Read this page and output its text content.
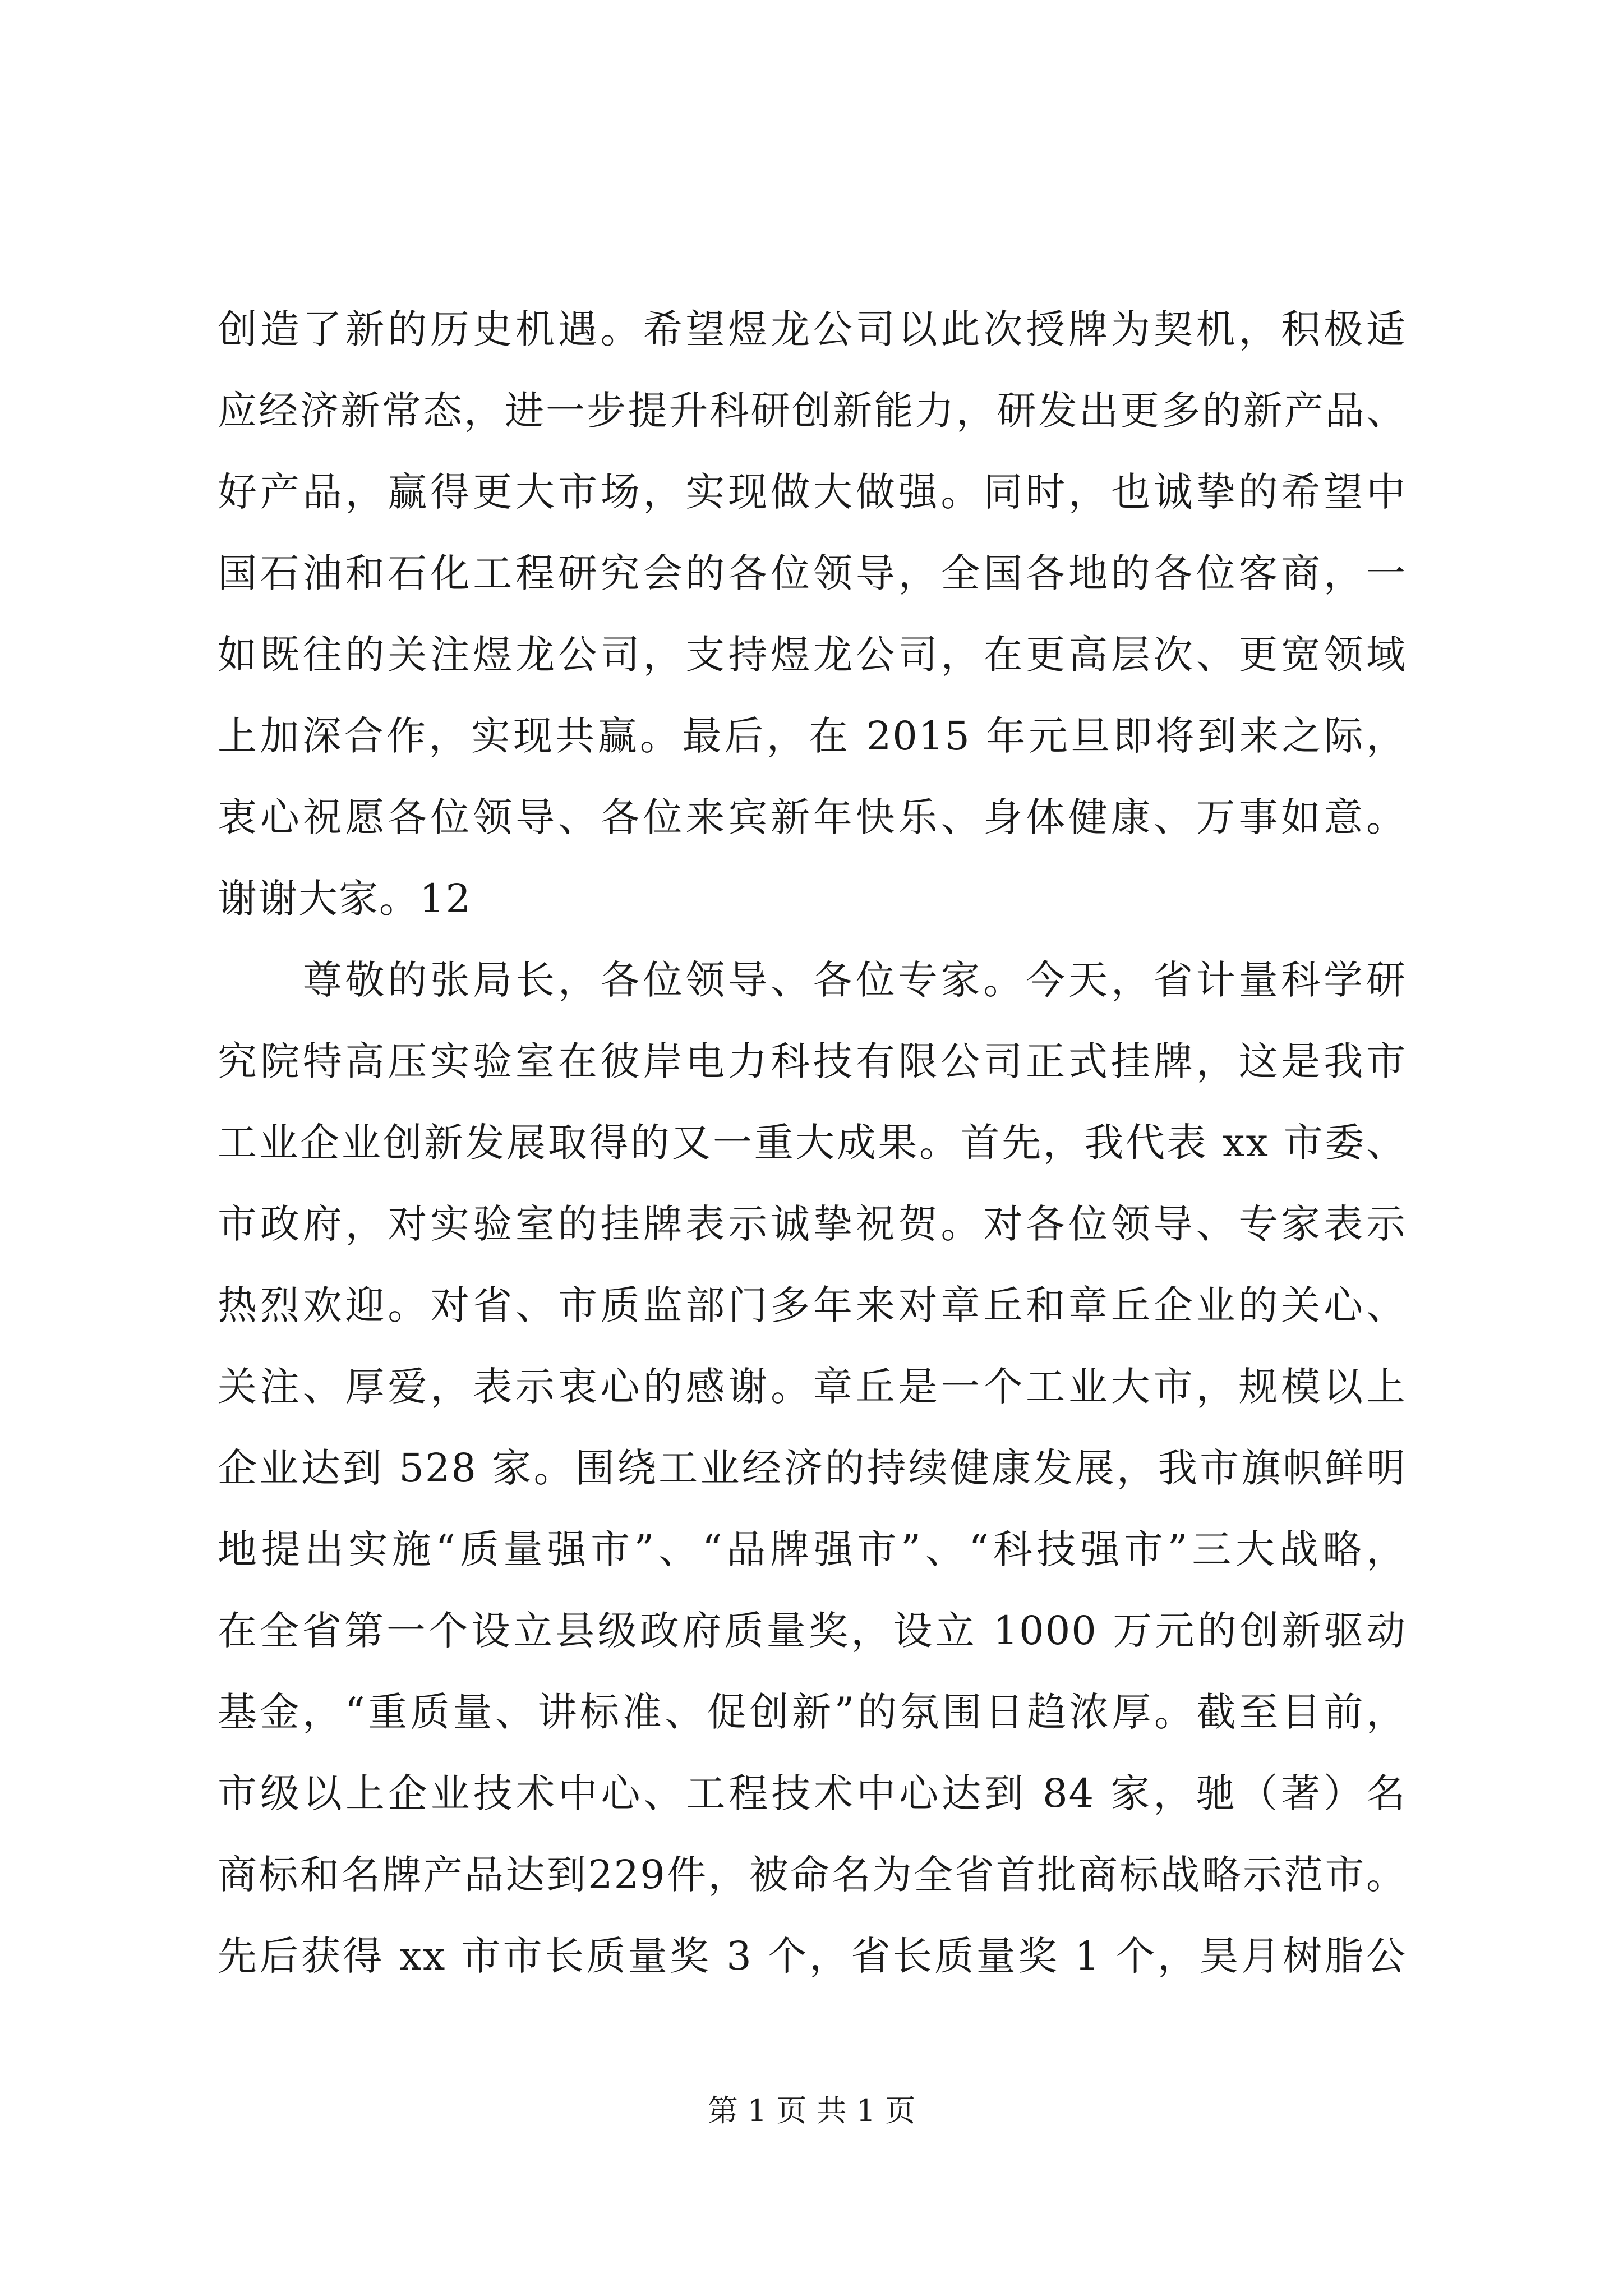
创造了新的历史机遇。希望煜龙公司以此次授牌为契机，积极适
应经济新常态，进一步提升科研创新能力，研发出更多的新产品、
好产品，赢得更大市场，实现做大做强。同时，也诚挚的希望中
国石油和石化工程研究会的各位领导，全国各地的各位客商，一
如既往的关注煜龙公司，支持煜龙公司，在更高层次、更宽领域
上加深合作，实现共赢。最后，在 2015 年元旦即将到来之际，
衷心祝愿各位领导、各位来宾新年快乐、身体健康、万事如意。
谢谢大家。12
　　尊敬的张局长，各位领导、各位专家。今天，省计量科学研
究院特高压实验室在彼岸电力科技有限公司正式挂牌，这是我市
工业企业创新发展取得的又一重大成果。首先，我代表 xx 市委、
市政府，对实验室的挂牌表示诚挚祝贺。对各位领导、专家表示
热烈欢迎。对省、市质监部门多年来对章丘和章丘企业的关心、
关注、厚爱，表示衷心的感谢。章丘是一个工业大市，规模以上
企业达到 528 家。围绕工业经济的持续健康发展，我市旗帜鲜明
地提出实施“质量强市”、“品牌强市”、“科技强市”三大战略，
在全省第一个设立县级政府质量奖，设立 1000 万元的创新驱动
基金，“重质量、讲标准、促创新”的氛围日趋浓厚。截至目前，
市级以上企业技术中心、工程技术中心达到 84 家，驰（著）名
商标和名牌产品达到229件，被命名为全省首批商标战略示范市。
先后获得 xx 市市长质量奖 3 个，省长质量奖 1 个，昊月树脂公
第 1 页 共 1 页
